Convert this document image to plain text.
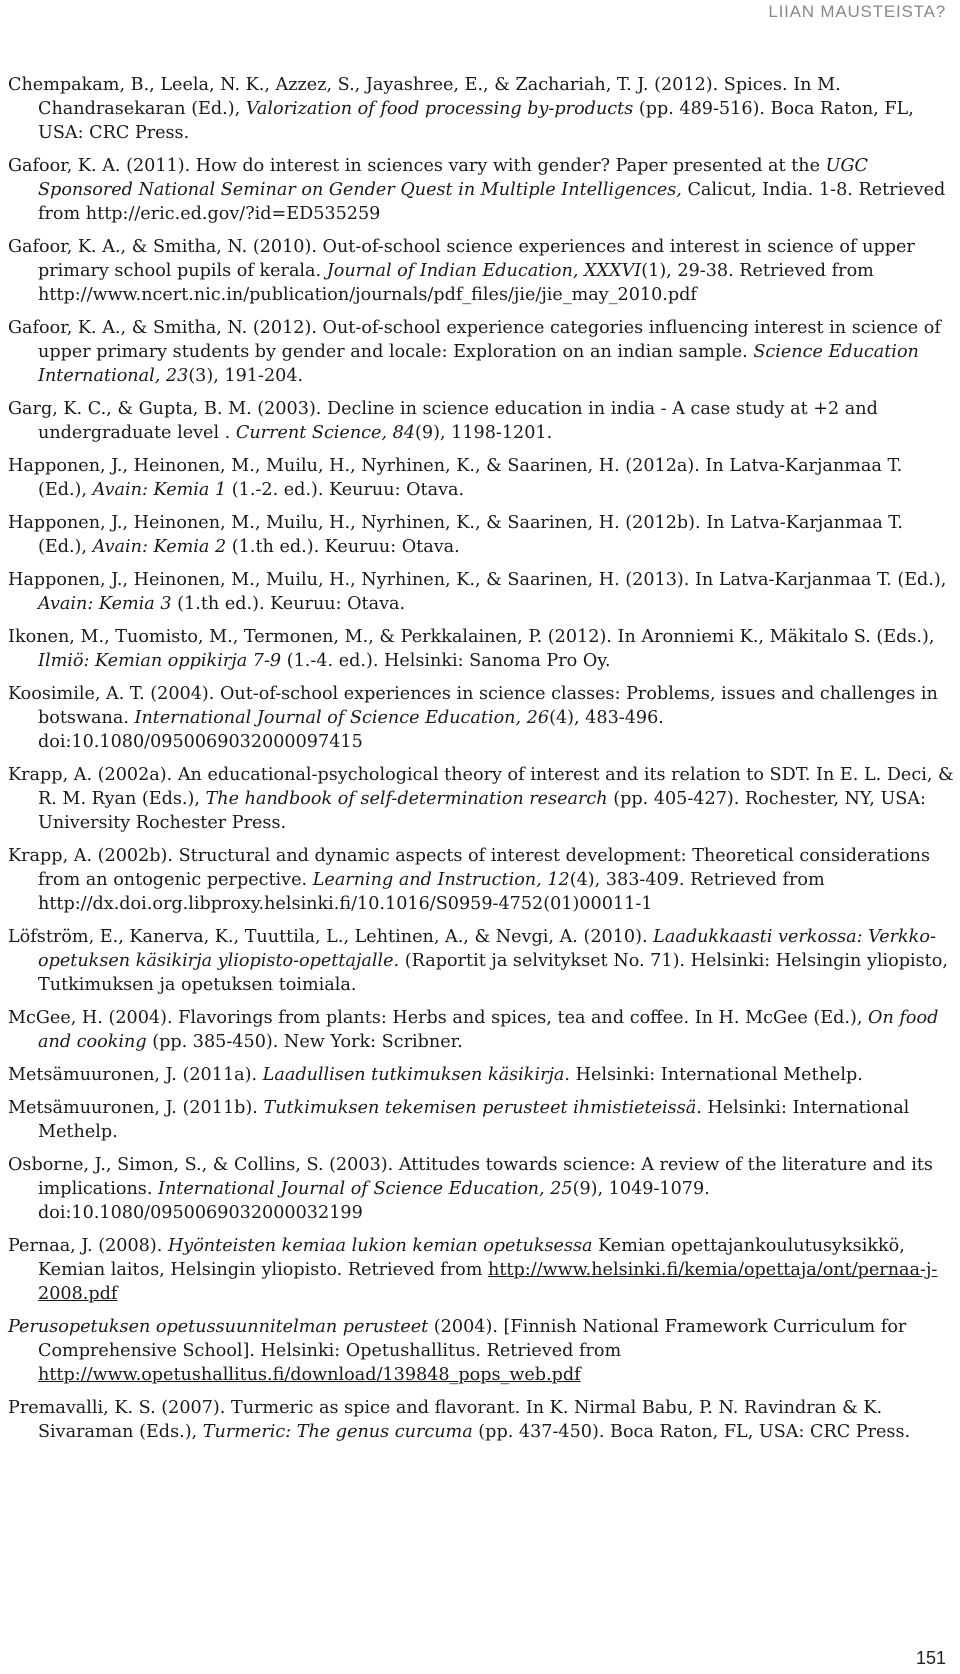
LIIAN MAUSTEISTA?

Chempakam, B., Leela, N. K., Azzez, S., Jayashree, E., & Zachariah, T. J. (2012). Spices. In M. Chandrasekaran (Ed.), Valorization of food processing by-products (pp. 489-516). Boca Raton, FL, USA: CRC Press.

Gafoor, K. A. (2011). How do interest in sciences vary with gender? Paper presented at the UGC Sponsored National Seminar on Gender Quest in Multiple Intelligences, Calicut, India. 1-8. Retrieved from http://eric.ed.gov/?id=ED535259

Gafoor, K. A., & Smitha, N. (2010). Out-of-school science experiences and interest in science of upper primary school pupils of kerala. Journal of Indian Education, XXXVI(1), 29-38. Retrieved from http://www.ncert.nic.in/publication/journals/pdf_files/jie/jie_may_2010.pdf

Gafoor, K. A., & Smitha, N. (2012). Out-of-school experience categories influencing interest in science of upper primary students by gender and locale: Exploration on an indian sample. Science Education International, 23(3), 191-204.

Garg, K. C., & Gupta, B. M. (2003). Decline in science education in india - A case study at +2 and undergraduate level . Current Science, 84(9), 1198-1201.

Happonen, J., Heinonen, M., Muilu, H., Nyrhinen, K., & Saarinen, H. (2012a). In Latva-Karjanmaa T. (Ed.), Avain: Kemia 1 (1.-2. ed.). Keuruu: Otava.

Happonen, J., Heinonen, M., Muilu, H., Nyrhinen, K., & Saarinen, H. (2012b). In Latva-Karjanmaa T. (Ed.), Avain: Kemia 2 (1.th ed.). Keuruu: Otava.

Happonen, J., Heinonen, M., Muilu, H., Nyrhinen, K., & Saarinen, H. (2013). In Latva-Karjanmaa T. (Ed.), Avain: Kemia 3 (1.th ed.). Keuruu: Otava.

Ikonen, M., Tuomisto, M., Termonen, M., & Perkkalainen, P. (2012). In Aronniemi K., Mäkitalo S. (Eds.), Ilmiö: Kemian oppikirja 7-9 (1.-4. ed.). Helsinki: Sanoma Pro Oy.

Koosimile, A. T. (2004). Out-of-school experiences in science classes: Problems, issues and challenges in botswana. International Journal of Science Education, 26(4), 483-496. doi:10.1080/0950069032000097415

Krapp, A. (2002a). An educational-psychological theory of interest and its relation to SDT. In E. L. Deci, & R. M. Ryan (Eds.), The handbook of self-determination research (pp. 405-427). Rochester, NY, USA: University Rochester Press.

Krapp, A. (2002b). Structural and dynamic aspects of interest development: Theoretical considerations from an ontogenic perpective. Learning and Instruction, 12(4), 383-409. Retrieved from http://dx.doi.org.libproxy.helsinki.fi/10.1016/S0959-4752(01)00011-1

Löfström, E., Kanerva, K., Tuuttila, L., Lehtinen, A., & Nevgi, A. (2010). Laadukkaasti verkossa: Verkko-opetuksen käsikirja yliopisto-opettajalle. (Raportit ja selvitykset No. 71). Helsinki: Helsingin yliopisto, Tutkimuksen ja opetuksen toimiala.

McGee, H. (2004). Flavorings from plants: Herbs and spices, tea and coffee. In H. McGee (Ed.), On food and cooking (pp. 385-450). New York: Scribner.

Metsämuuronen, J. (2011a). Laadullisen tutkimuksen käsikirja. Helsinki: International Methelp.

Metsämuuronen, J. (2011b). Tutkimuksen tekemisen perusteet ihmistieteissä. Helsinki: International Methelp.

Osborne, J., Simon, S., & Collins, S. (2003). Attitudes towards science: A review of the literature and its implications. International Journal of Science Education, 25(9), 1049-1079. doi:10.1080/0950069032000032199

Pernaa, J. (2008). Hyönteisten kemiaa lukion kemian opetuksessa Kemian opettajankoulutusyksikkö, Kemian laitos, Helsingin yliopisto. Retrieved from http://www.helsinki.fi/kemia/opettaja/ont/pernaa-j-2008.pdf

Perusopetuksen opetussuunnitelman perusteet (2004). [Finnish National Framework Curriculum for Comprehensive School]. Helsinki: Opetushallitus. Retrieved from http://www.opetushallitus.fi/download/139848_pops_web.pdf

Premavalli, K. S. (2007). Turmeric as spice and flavorant. In K. Nirmal Babu, P. N. Ravindran & K. Sivaraman (Eds.), Turmeric: The genus curcuma (pp. 437-450). Boca Raton, FL, USA: CRC Press.

151
